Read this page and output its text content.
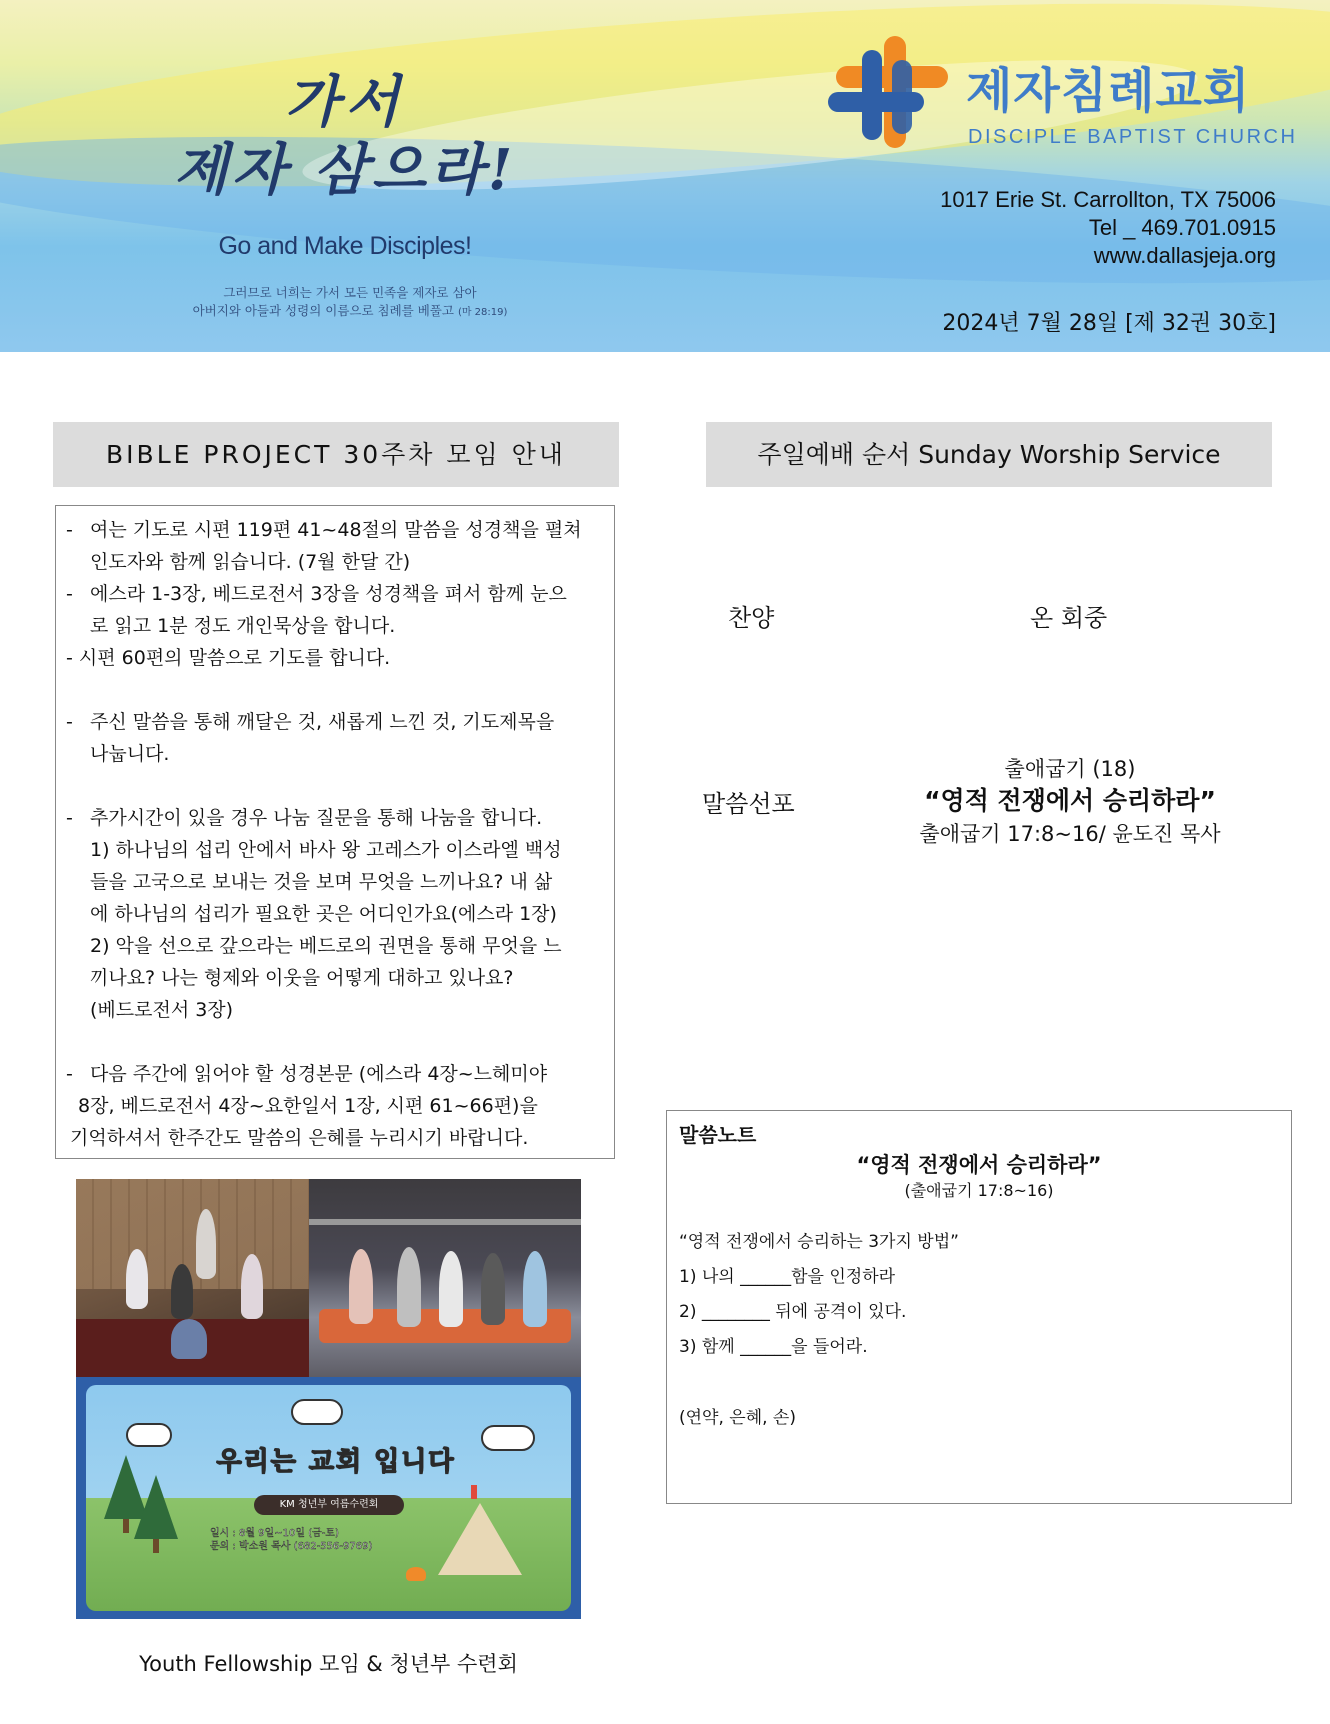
가서
제자 삼으라!
Go and Make Disciples!
그러므로 너희는 가서 모든 민족을 제자로 삼아
아버지와 아들과 성령의 이름으로 침례를 베풀고 (마 28:19)
제자침례교회
DISCIPLE BAPTIST CHURCH
1017 Erie St. Carrollton, TX 75006
Tel _ 469.701.0915
www.dallasjeja.org
2024년 7월 28일 [제 32권 30호]
BIBLE PROJECT 30주차 모임 안내
- 여는 기도로 시편 119편 41~48절의 말씀을 성경책을 펼쳐
인도자와 함께 읽습니다. (7월 한달 간)
- 에스라 1-3장, 베드로전서 3장을 성경책을 펴서 함께 눈으
로 읽고 1분 정도 개인묵상을 합니다.
- 시편 60편의 말씀으로 기도를 합니다.
- 주신 말씀을 통해 깨달은 것, 새롭게 느낀 것, 기도제목을
나눕니다.
- 추가시간이 있을 경우 나눔 질문을 통해 나눔을 합니다.
1) 하나님의 섭리 안에서 바사 왕 고레스가 이스라엘 백성
들을 고국으로 보내는 것을 보며 무엇을 느끼나요? 내 삶
에 하나님의 섭리가 필요한 곳은 어디인가요(에스라 1장)
2) 악을 선으로 갚으라는 베드로의 권면을 통해 무엇을 느
끼나요? 나는 형제와 이웃을 어떻게 대하고 있나요?
(베드로전서 3장)
- 다음 주간에 읽어야 할 성경본문 (에스라 4장~느헤미야
8장, 베드로전서 4장~요한일서 1장, 시편 61~66편)을
기억하셔서 한주간도 말씀의 은혜를 누리시기 바랍니다.
주일예배 순서 Sunday Worship Service
찬양	온 회중
말씀선포
출애굽기 (18)
“영적 전쟁에서 승리하라”
출애굽기 17:8~16/ 윤도진 목사
말씀노트
“영적 전쟁에서 승리하라”
(출애굽기 17:8~16)
“영적 전쟁에서 승리하는 3가지 방법”
1) 나의 ______함을 인정하라
2) ________ 뒤에 공격이 있다.
3) 함께 ______을 들어라.
(연약, 은혜, 손)
우리는 교회 입니다
KM 청년부 여름수련회
일시 : 8월 9일~10일 (금-토)
문의 : 박소원 목사 (682-556-9769)
Youth Fellowship 모임 & 청년부 수련회
